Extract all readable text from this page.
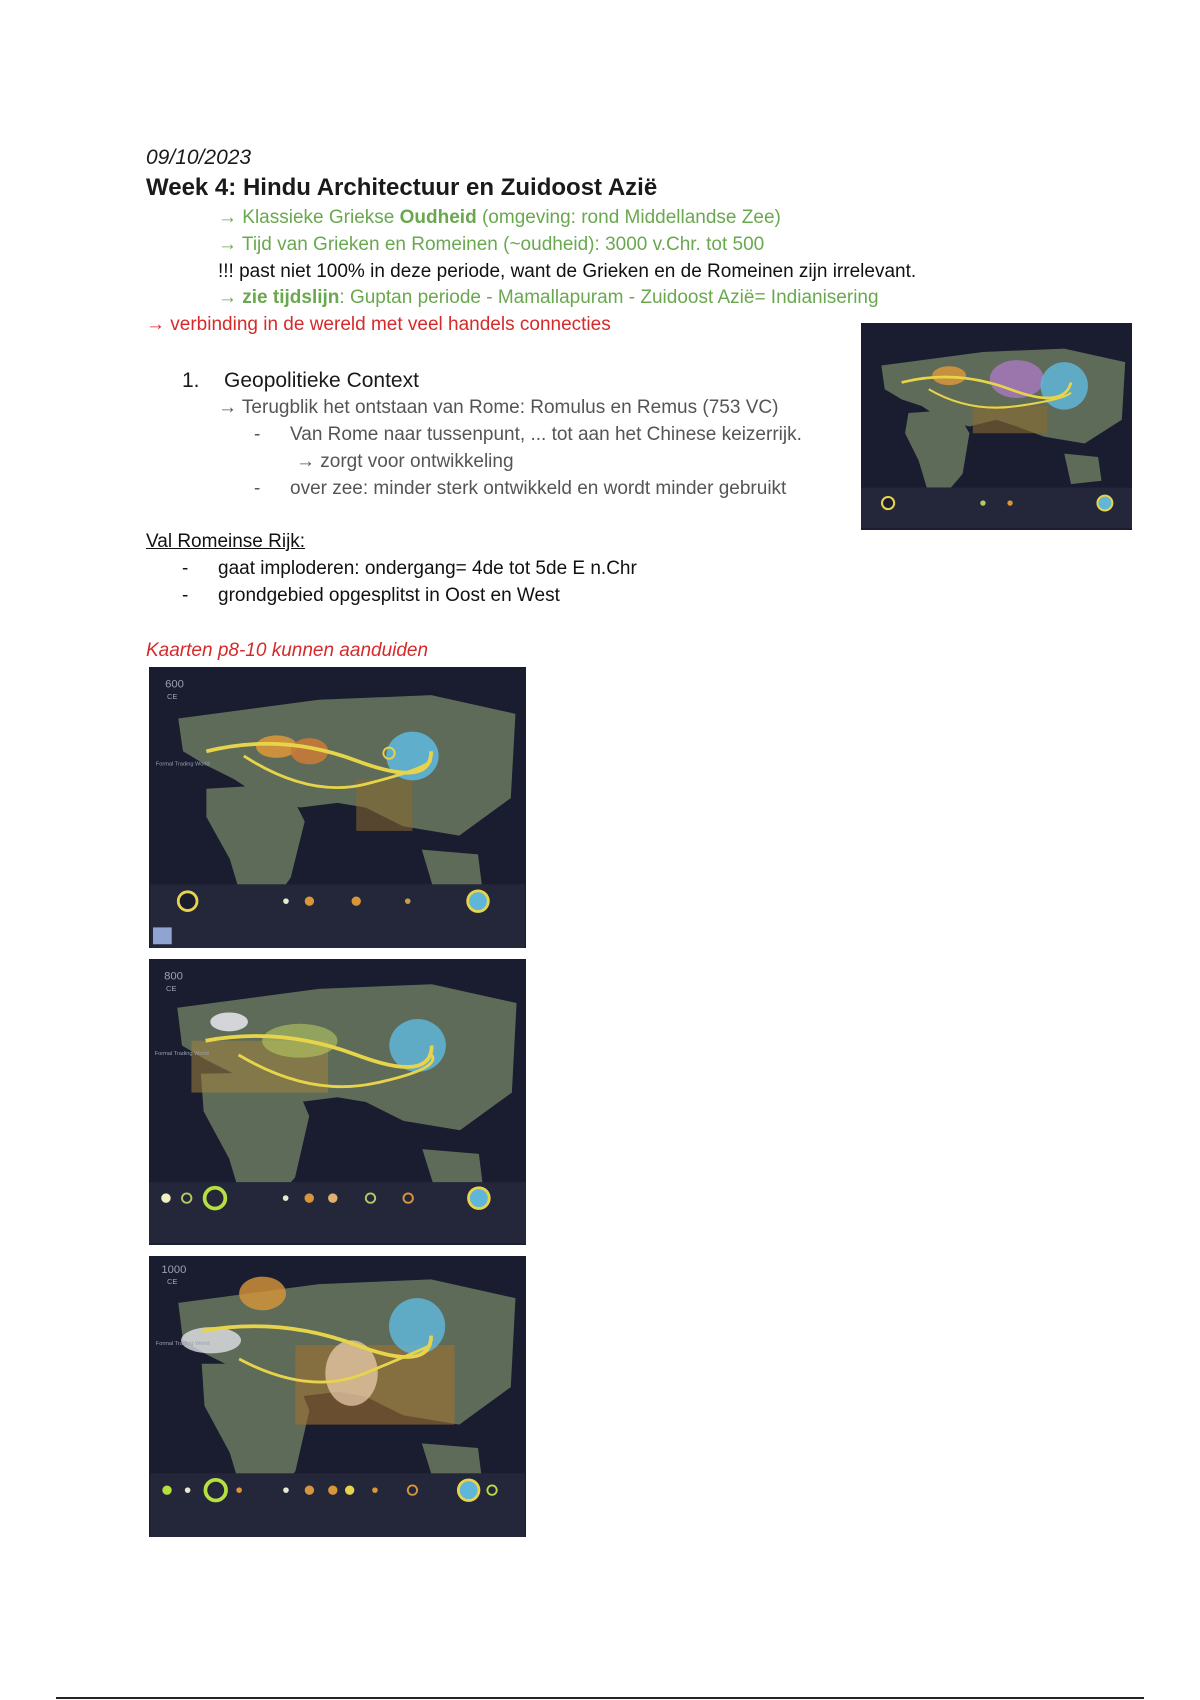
09/10/2023
Week 4: Hindu Architectuur en Zuidoost Azië
→ Klassieke Griekse Oudheid (omgeving: rond Middellandse Zee)
→ Tijd van Grieken en Romeinen (~oudheid): 3000 v.Chr. tot 500
!!! past niet 100% in deze periode, want de Grieken en de Romeinen zijn irrelevant.
→ zie tijdslijn: Guptan periode - Mamallapuram - Zuidoost Azië= Indianisering
→ verbinding in de wereld met veel handels connecties
1. Geopolitieke Context
→ Terugblik het ontstaan van Rome: Romulus en Remus (753 VC)
- Van Rome naar tussenpunt, ... tot aan het Chinese keizerrijk.
→ zorgt voor ontwikkeling
- over zee: minder sterk ontwikkeld en wordt minder gebruikt
Val Romeinse Rijk:
- gaat imploderen: ondergang= 4de tot 5de E n.Chr
- grondgebied opgesplitst in Oost en West
Kaarten p8-10 kunnen aanduiden
600
CE
Formal Trading World
800
CE
Formal Trading World
1000
CE
Formal Trading World
